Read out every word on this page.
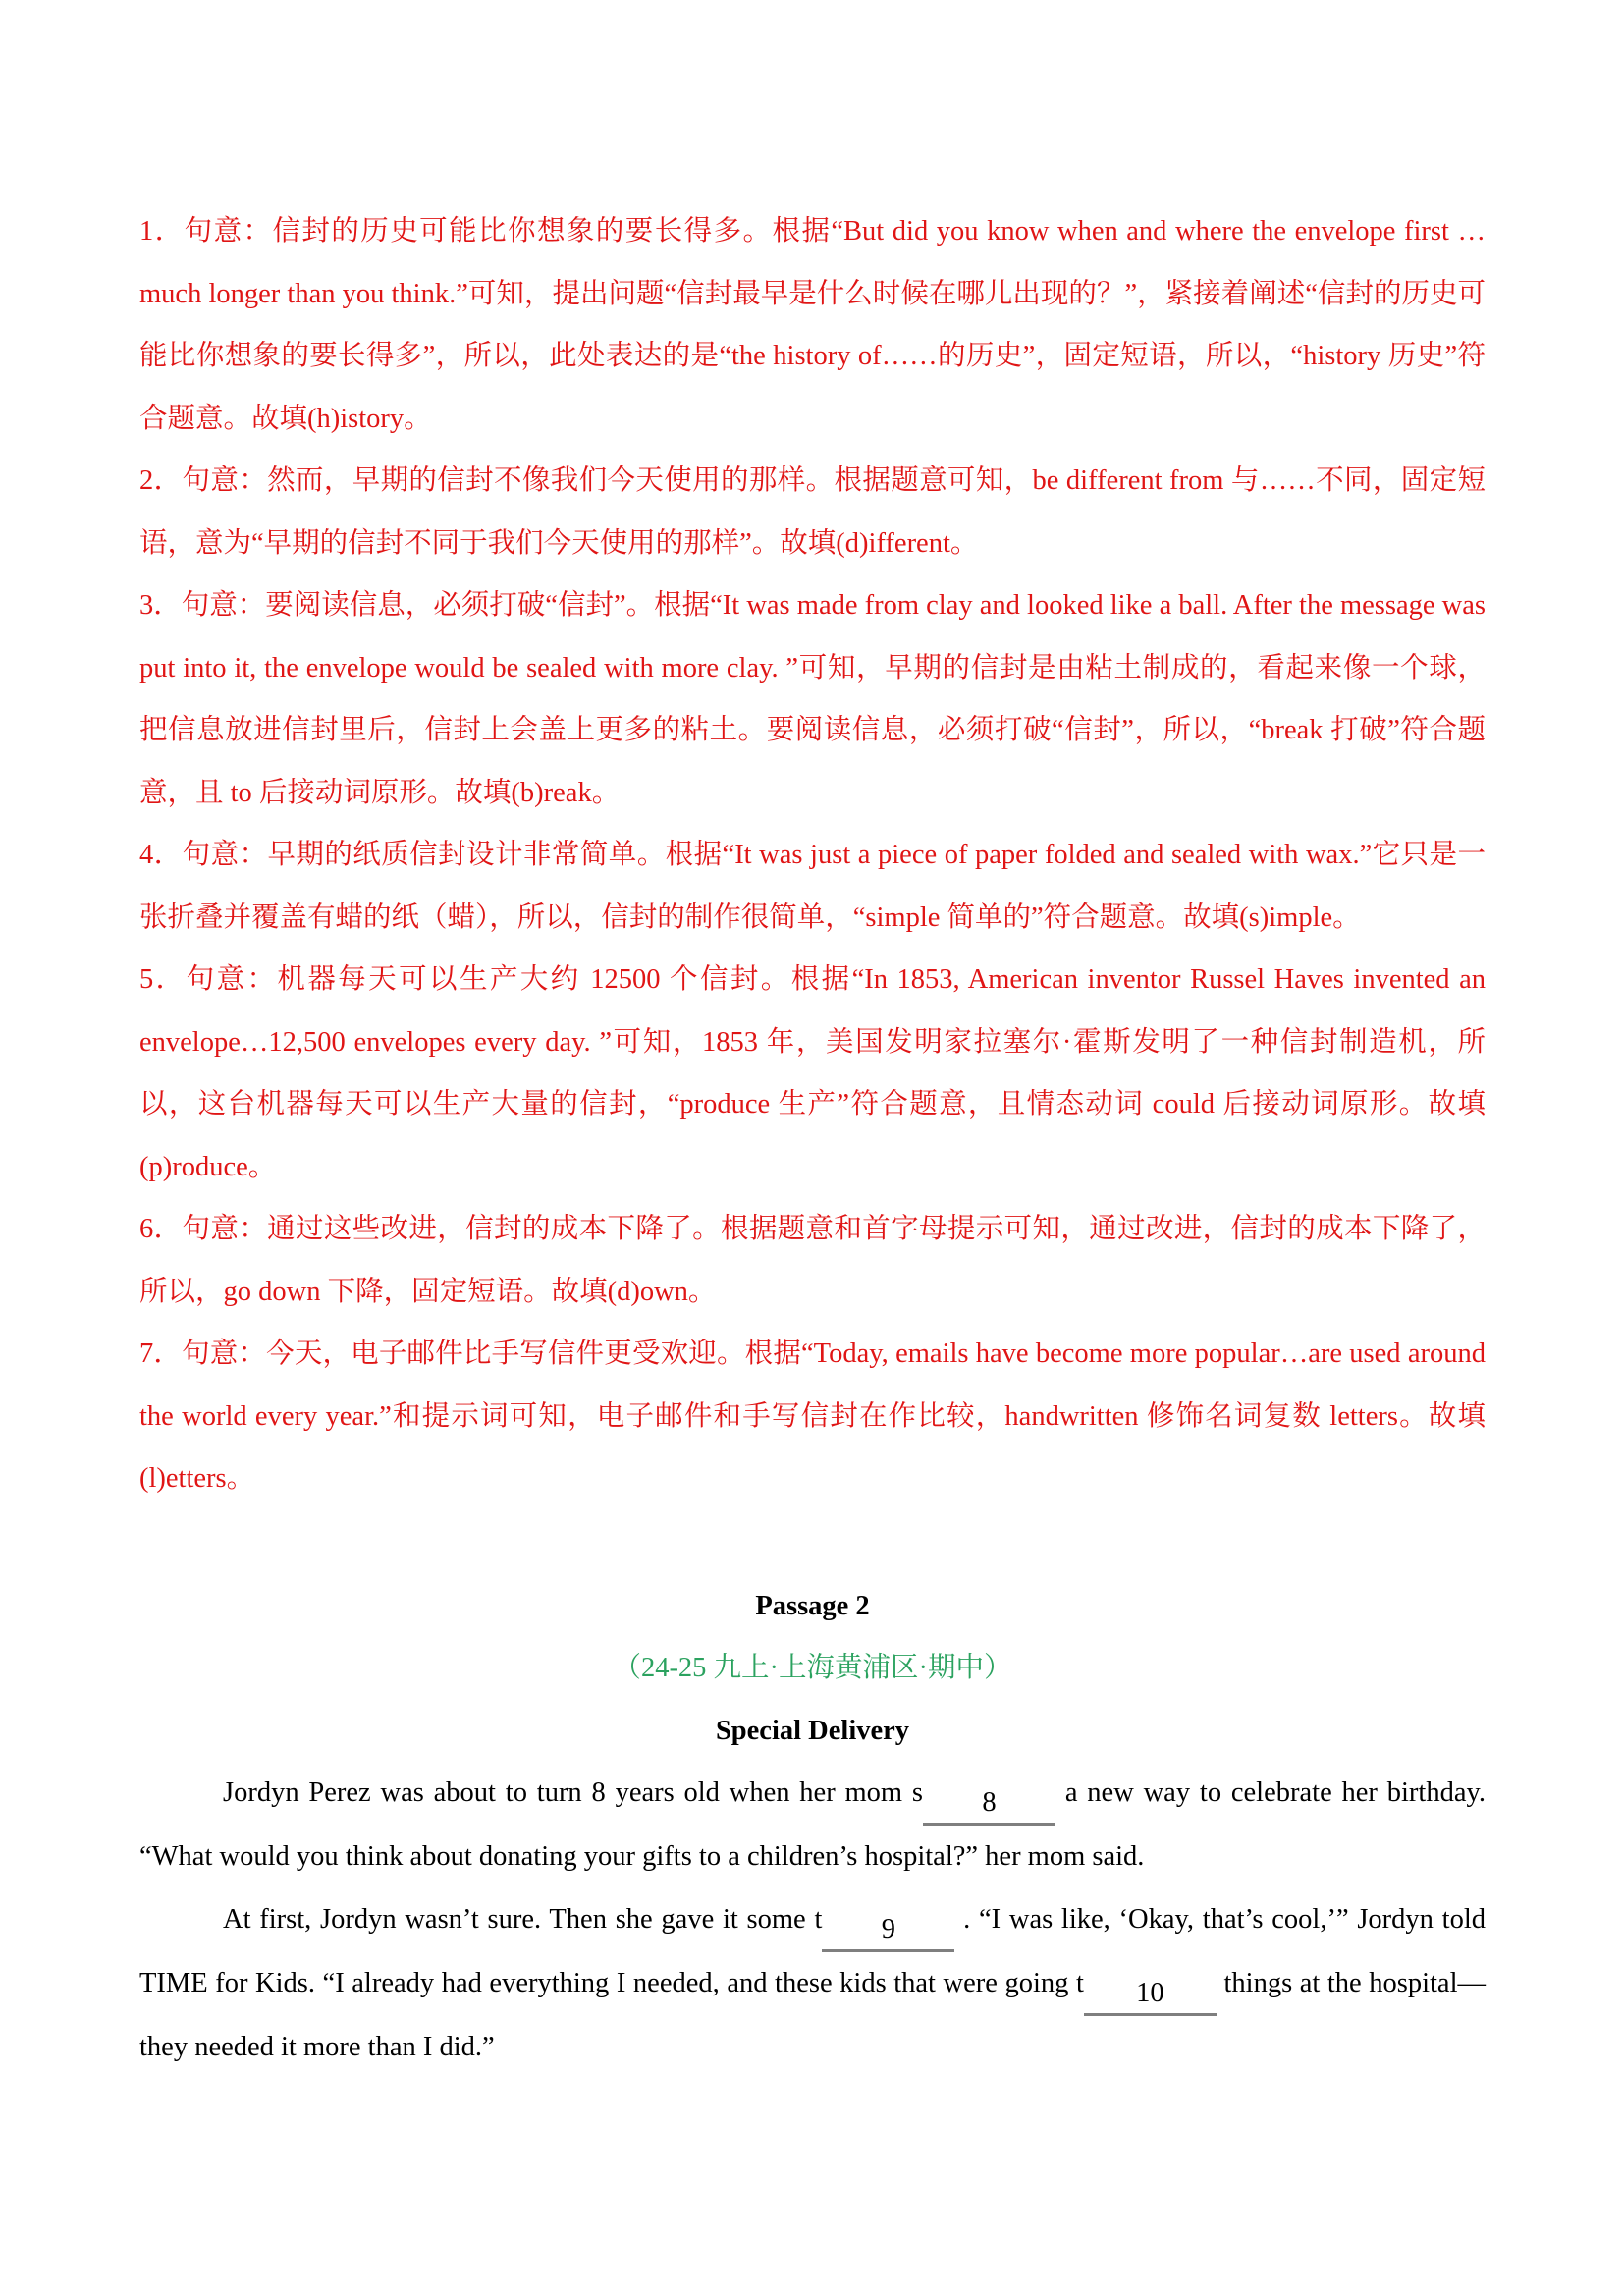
1．句意：信封的历史可能比你想象的要长得多。根据“But did you know when and where the envelope first … much longer than you think.”可知，提出问题“信封最早是什么时候在哪儿出现的？”，紧接着阐述“信封的历史可能比你想象的要长得多”，所以，此处表达的是“the history of……的历史”，固定短语，所以，“history 历史”符合题意。故填(h)istory。

2．句意：然而，早期的信封不像我们今天使用的那样。根据题意可知，be different from 与……不同，固定短语，意为“早期的信封不同于我们今天使用的那样”。故填(d)ifferent。

3．句意：要阅读信息，必须打破“信封”。根据“It was made from clay and looked like a ball. After the message was put into it, the envelope would be sealed with more clay. ”可知，早期的信封是由粘土制成的，看起来像一个球，把信息放进信封里后，信封上会盖上更多的粘土。要阅读信息，必须打破“信封”，所以，“break 打破”符合题意，且 to 后接动词原形。故填(b)reak。

4．句意：早期的纸质信封设计非常简单。根据“It was just a piece of paper folded and sealed with wax.”它只是一张折叠并覆盖有蜡的纸（蜡），所以，信封的制作很简单，“simple 简单的”符合题意。故填(s)imple。

5．句意：机器每天可以生产大约 12500 个信封。根据“In 1853, American inventor Russel Haves invented an envelope…12,500 envelopes every day. ”可知，1853 年，美国发明家拉塞尔·霍斯发明了一种信封制造机，所以，这台机器每天可以生产大量的信封，“produce 生产”符合题意，且情态动词 could 后接动词原形。故填(p)roduce。

6．句意：通过这些改进，信封的成本下降了。根据题意和首字母提示可知，通过改进，信封的成本下降了，所以，go down 下降，固定短语。故填(d)own。

7．句意：今天，电子邮件比手写信件更受欢迎。根据“Today, emails have become more popular…are used around the world every year.”和提示词可知，电子邮件和手写信封在作比较，handwritten 修饰名词复数 letters。故填(l)etters。

Passage 2

（24-25 九上·上海黄浦区·期中）

Special Delivery

Jordyn Perez was about to turn 8 years old when her mom s 8 a new way to celebrate her birthday. “What would you think about donating your gifts to a children’s hospital?” her mom said.

At first, Jordyn wasn’t sure. Then she gave it some t 9 . “I was like, ‘Okay, that’s cool,’” Jordyn told TIME for Kids. “I already had everything I needed, and these kids that were going t 10 things at the hospital—they needed it more than I did.”
